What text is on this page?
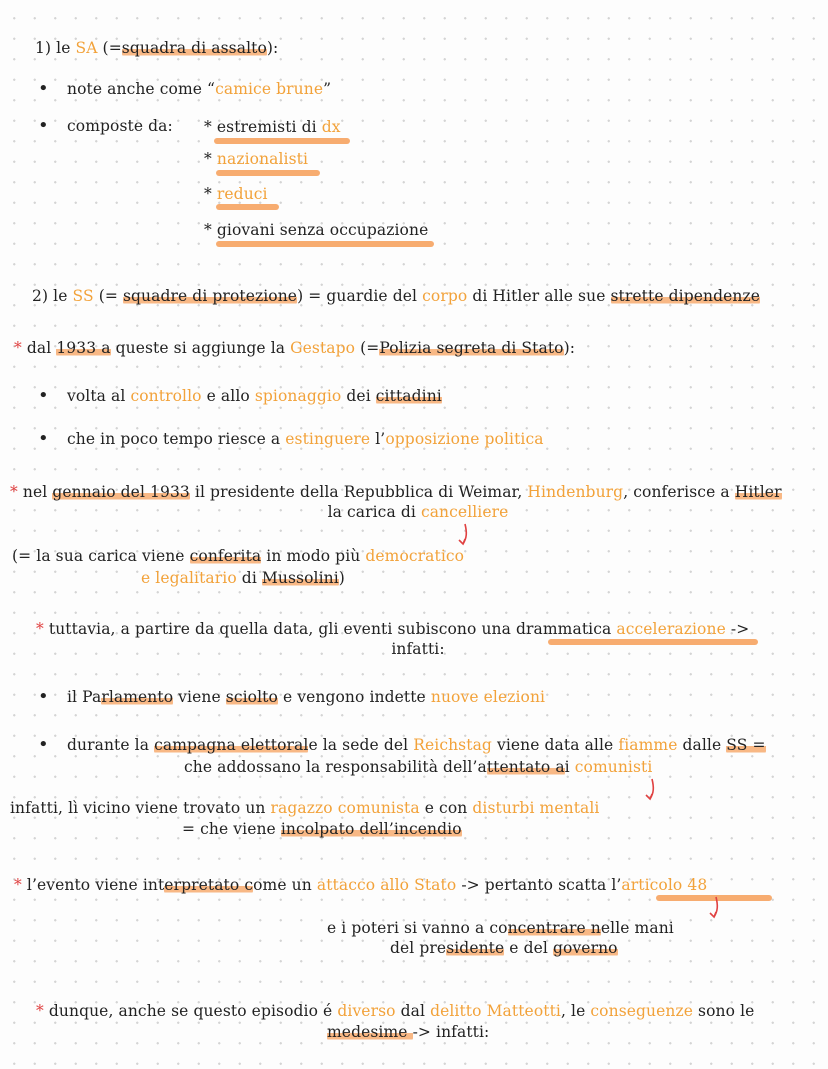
1) le SA (=squadra di assalto):
• note anche come “camice brune”
• composte da: * estremisti di dx
* nazionalisti
* reduci
* giovani senza occupazione
2) le SS (= squadre di protezione) = guardie del corpo di Hitler alle sue strette dipendenze
* dal 1933 a queste si aggiunge la Gestapo (=Polizia segreta di Stato):
• volta al controllo e allo spionaggio dei cittadini
• che in poco tempo riesce a estinguere l’opposizione politica
* nel gennaio del 1933 il presidente della Repubblica di Weimar, Hindenburg, conferisce a Hitler
la carica di cancelliere
(= la sua carica viene conferita in modo più democratico
e legalitario di Mussolini)
* tuttavia, a partire da quella data, gli eventi subiscono una drammatica accelerazione ->
infatti:
• il Parlamento viene sciolto e vengono indette nuove elezioni
• durante la campagna elettorale la sede del Reichstag viene data alle fiamme dalle SS =
che addossano la responsabilità dell’attentato ai comunisti
infatti, lì vicino viene trovato un ragazzo comunista e con disturbi mentali
= che viene incolpato dell’incendio
* l’evento viene interpretato come un attacco allo Stato -> pertanto scatta l’articolo 48
e i poteri si vanno a concentrare nelle mani
del presidente e del governo
* dunque, anche se questo episodio é diverso dal delitto Matteotti, le conseguenze sono le
medesime -> infatti:
